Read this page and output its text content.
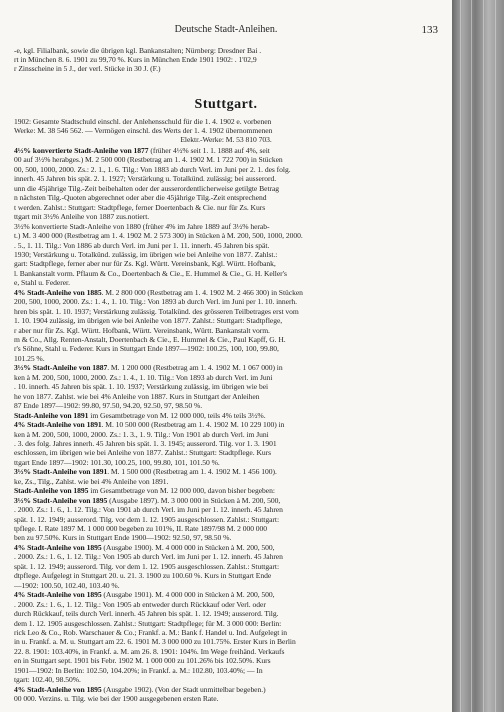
Deutsche Stadt-Anleihen.	133
Stuttgart.
-e, kgl. Filialbank, sowie die übrigen kgl. Bankanstalten; Nürnberg: Dresdner Bai .
rt in München 8. 6. 1901 zu 99,70 %. Kurs in München Ende 1901 1902: . 1'02,9
r Zinsscheine in 5 J., der verl. Stücke in 30 J. (F.)
1902: Gesamte Stadtschuld einschl. der Anlehensschuld für die 1. 4. 1902 e. vorbenen
Werke: M. 38 546 562. — Vermögen einschl. des Werts der 1. 4. 1902 übernommenen
Elektr.-Werke: M. 53 810 703.
4½% konvertierte Stadt-Anleihe von 1877 (früher 4½% seit 1. 1. 1888 auf 4%, seit
00 auf 3½% herabges.) M. 2 500 000 (Restbetrag am 1. 4. 1902 M. 1 722 700) in Stücken
00, 500, 1000, 2000. Zs.: 2. 1., 1. 6. Tilg.: Von 1883 ab durch Verl. im Juni per 2. 1. des folg.
innerh. 45 Jahren bis spät. 2. 1. 1927; Verstärkung u. Totalkünd. zulässig; bei ausserord.
unn die 45jährige Tilg.-Zeit beibehalten oder der ausserordentlicherweise getilgte Betrag
n nächsten Tilg.-Quoten abgerechnet oder aber die 45jährige Tilg.-Zeit entsprechend
t werden. Zahlst.: Stuttgart: Stadtpflege, ferner Doertenbach & Cie. nur für Zs. Kurs
ttgart mit 3½% Anleihe von 1887 zus.notiert.
3½% konvertierte Stadt-Anleihe von 1880 (früher 4% im Jahre 1889 auf 3½% herab-
t.) M. 3 400 000 (Restbetrag am 1. 4. 1902 M. 2 573 300) in Stücken à M. 200, 500, 1000, 2000.
. 5., 1. 11. Tilg.: Von 1886 ab durch Verl. im Juni per 1. 11. innerh. 45 Jahren bis spät.
1930; Verstärkung u. Totalkünd. zulässig, im übrigen wie bei Anleihe von 1877. Zahlst.:
gart: Stadtpflege, ferner aber nur für Zs. Kgl. Württ. Vereinsbank, Kgl. Württ. Hofbank,
l. Bankanstalt vorm. Pflaum & Co., Doertenbach & Cie., E. Hummel & Cie., G. H. Keller's
e, Stahl u. Federer.
4% Stadt-Anleihe von 1885. M. 2 800 000 (Restbetrag am 1. 4. 1902 M. 2 466 300) in Stücken
200, 500, 1000, 2000. Zs.: 1. 4., 1. 10. Tilg.: Von 1893 ab durch Verl. im Juni per 1. 10. innerh.
hren bis spät. 1. 10. 1937; Verstärkung zulässig. Totalkünd. des grösseren Teilbetrages erst vom
1. 10. 1904 zulässig, im übrigen wie bei Anleihe von 1877. Zahlst.: Stuttgart: Stadtpflege,
r aber nur für Zs. Kgl. Württ. Hofbank, Württ. Vereinsbank, Württ. Bankanstalt vorm.
m & Co., Allg. Renten-Anstalt, Doertenbach & Cie., E. Hummel & Cie., Paul Kapff, G. H.
r's Söhne, Stahl u. Federer. Kurs in Stuttgart Ende 1897—1902: 100.25, 100, 100, 99.80,
101.25 %.
3½% Stadt-Anleihe von 1887. M. 1 200 000 (Restbetrag am 1. 4. 1902 M. 1 067 000) in
ken à M. 200, 500, 1000, 2000. Zs.: 1. 4., 1. 10. Tilg.: Von 1893 ab durch Verl. im Juni
. 10. innerh. 45 Jahren bis spät. 1. 10. 1937; Verstärkung zulässig, im übrigen wie bei
he von 1877. Zahlst. wie bei 4% Anleihe von 1887. Kurs in Stuttgart der Anleihen
87 Ende 1897—1902: 99.80, 97.50, 94.20, 92.50, 97, 98.50 %.
Stadt-Anleihe von 1891 im Gesamtbetrage von M. 12 000 000, teils 4% teils 3½%.
4% Stadt-Anleihe von 1891. M. 10 500 000 (Restbetrag am 1. 4. 1902 M. 10 229 100) in
ken à M. 200, 500, 1000, 2000. Zs.: 1. 3., 1. 9. Tilg.: Von 1901 ab durch Verl. im Juni
. 3. des folg. Jahres innerh. 45 Jahren bis spät. 1. 3. 1945; ausserord. Tilg. vor 1. 3. 1901
eschlossen, im übrigen wie bei Anleihe von 1877. Zahlst.: Stuttgart: Stadtpflege. Kurs
ttgart Ende 1897—1902: 101.30, 100.25, 100, 99.80, 101, 101.50 %.
3½% Stadt-Anleihe von 1891. M. 1 500 000 (Restbetrag am 1. 4. 1902 M. 1 456 100).
ke, Zs., Tilg., Zahlst. wie bei 4% Anleihe von 1891.
Stadt-Anleihe von 1895 im Gesamtbetrage von M. 12 000 000, davon bisher begeben:
3½% Stadt-Anleihe von 1895 (Ausgabe 1897). M. 3 000 000 in Stücken à M. 200, 500,
. 2000. Zs.: 1. 6., 1. 12. Tilg.: Von 1901 ab durch Verl. im Juni per 1. 12. innerh. 45 Jahren
spät. 1. 12. 1949; ausserord. Tilg. vor dem 1. 12. 1905 ausgeschlossen. Zahlst.: Stuttgart:
tpflege. I. Rate 1897 M. 1 000 000 begeben zu 101%, II. Rate 1897/98 M. 2 000 000
ben zu 97.50%. Kurs in Stuttgart Ende 1900—1902: 92.50, 97, 98.50 %.
4% Stadt-Anleihe von 1895 (Ausgabe 1900). M. 4 000 000 in Stücken à M. 200, 500,
. 2000. Zs.: 1. 6., 1. 12. Tilg.: Von 1905 ab durch Verl. im Juni per 1. 12. innerh. 45 Jahren
spät. 1. 12. 1949; ausserord. Tilg. vor dem 1. 12. 1905 ausgeschlossen. Zahlst.: Stuttgart:
dtpflege. Aufgelegt in Stuttgart 20. u. 21. 3. 1900 zu 100.60 %. Kurs in Stuttgart Ende
—1902: 100.50, 102.40, 103.40 %.
4% Stadt-Anleihe von 1895 (Ausgabe 1901). M. 4 000 000 in Stücken à M. 200, 500,
. 2000. Zs.: 1. 6., 1. 12. Tilg.: Von 1905 ab entweder durch Rückkauf oder Verl. oder
durch Rückkauf, teils durch Verl. innerh. 45 Jahren bis spät. 1. 12. 1949; ausserord. Tilg.
dem 1. 12. 1905 ausgeschlossen. Zahlst.: Stuttgart: Stadtpflege; für M. 3 000 000: Berlin:
rick Leo & Co., Rob. Warschauer & Co.; Frankf. a. M.: Bank f. Handel u. Ind. Aufgelegt in
in u. Frankf. a. M. u. Stuttgart am 22. 6. 1901 M. 3 000 000 zu 101.75%. Erster Kurs in Berlin
22. 8. 1901: 103.40%, in Frankf. a. M. am 26. 8. 1901: 104%. Im Wege freihänd. Verkaufs
en in Stuttgart sept. 1901 bis Febr. 1902 M. 1 000 000 zu 101.26% bis 102.50%. Kurs
1901—1902: In Berlin: 102.50, 104.20%; in Frankf. a. M.: 102.80, 103.40%; — In
tgart: 102.40, 98.50%.
4% Stadt-Anleihe von 1895 (Ausgabe 1902). (Von der Stadt unmittelbar begeben.)
00 000. Verzins. u. Tilg. wie bei der 1900 ausgegebenen ersten Rate.
